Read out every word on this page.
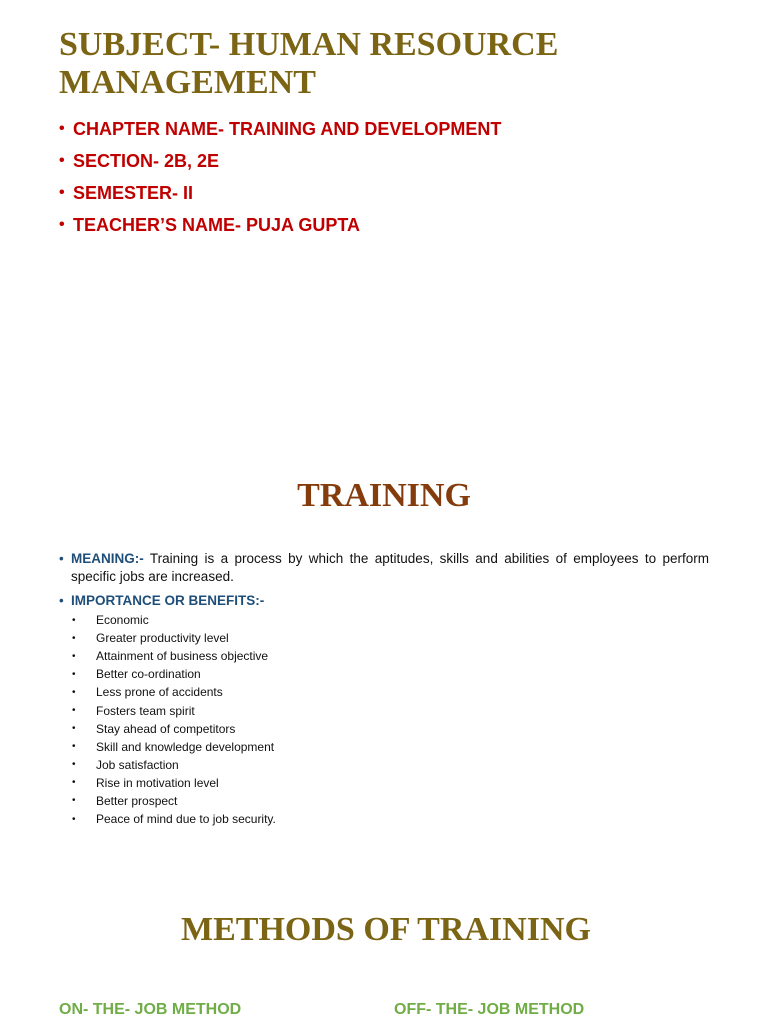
SUBJECT- HUMAN RESOURCE MANAGEMENT
• CHAPTER NAME- TRAINING AND DEVELOPMENT
• SECTION- 2B, 2E
• SEMESTER- II
• TEACHER’S NAME- PUJA GUPTA
TRAINING
• MEANING:- Training is a process by which the aptitudes, skills and abilities of employees to perform specific jobs are increased.
• IMPORTANCE OR BENEFITS:-
•	Economic
•	Greater productivity level
•	Attainment of business objective
•	Better co-ordination
•	Less prone of accidents
•	Fosters team spirit
•	Stay ahead of competitors
•	Skill and knowledge development
•	Job satisfaction
•	Rise in motivation level
•	Better prospect
•	Peace of mind due to job security.
METHODS OF TRAINING
ON- THE- JOB METHOD	OFF- THE- JOB METHOD
